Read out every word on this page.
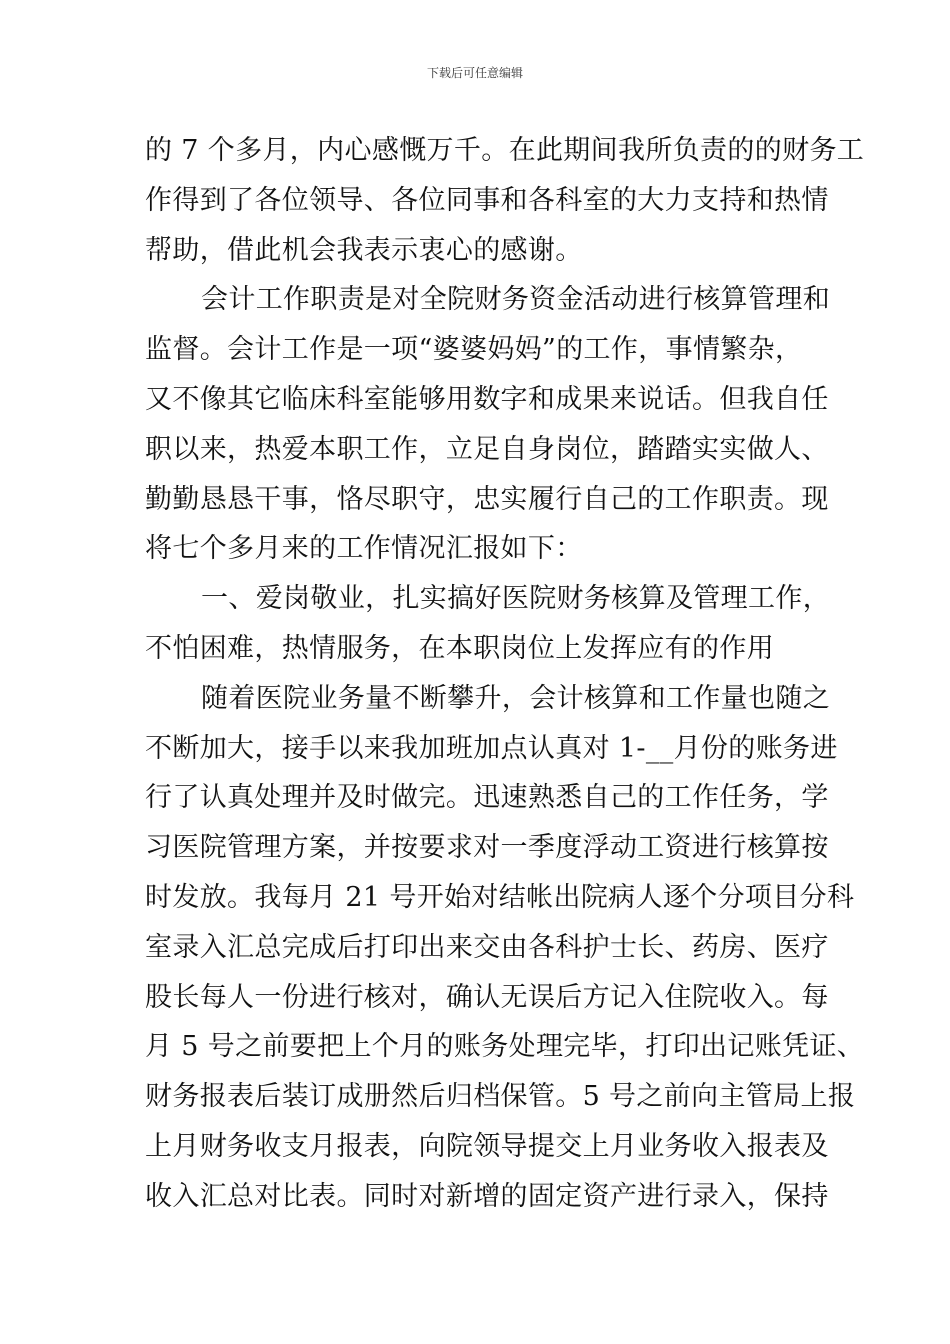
下载后可任意编辑
的 7 个多月，内心感慨万千。在此期间我所负责的的财务工
作得到了各位领导、各位同事和各科室的大力支持和热情
帮助，借此机会我表示衷心的感谢。
会计工作职责是对全院财务资金活动进行核算管理和
监督。会计工作是一项“婆婆妈妈”的工作，事情繁杂，
又不像其它临床科室能够用数字和成果来说话。但我自任
职以来，热爱本职工作，立足自身岗位，踏踏实实做人、
勤勤恳恳干事，恪尽职守，忠实履行自己的工作职责。现
将七个多月来的工作情况汇报如下：
一、爱岗敬业，扎实搞好医院财务核算及管理工作，
不怕困难，热情服务，在本职岗位上发挥应有的作用
随着医院业务量不断攀升，会计核算和工作量也随之
不断加大，接手以来我加班加点认真对 1-__月份的账务进
行了认真处理并及时做完。迅速熟悉自己的工作任务，学
习医院管理方案，并按要求对一季度浮动工资进行核算按
时发放。我每月 21 号开始对结帐出院病人逐个分项目分科
室录入汇总完成后打印出来交由各科护士长、药房、医疗
股长每人一份进行核对，确认无误后方记入住院收入。每
月 5 号之前要把上个月的账务处理完毕，打印出记账凭证、
财务报表后装订成册然后归档保管。5 号之前向主管局上报
上月财务收支月报表，向院领导提交上月业务收入报表及
收入汇总对比表。同时对新增的固定资产进行录入，保持
